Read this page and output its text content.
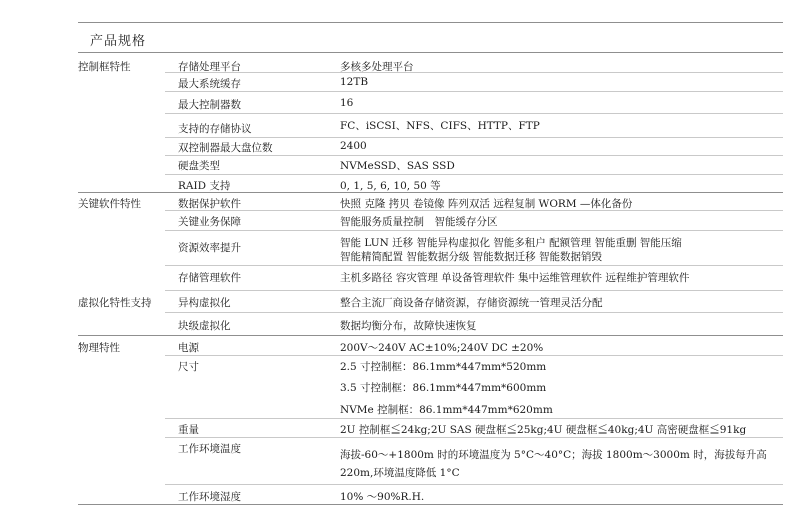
产品规格
控制框特性	存储处理平台	多核多处理平台
最大系统缓存	12TB
最大控制器数	16
支持的存储协议	FC、iSCSI、NFS、CIFS、HTTP、FTP
双控制器最大盘位数	2400
硬盘类型	NVMeSSD、SAS SSD
RAID 支持	0, 1, 5, 6, 10, 50 等
关键软件特性	数据保护软件	快照 克隆 拷贝 卷镜像 阵列双活 远程复制 WORM —体化备份
关键业务保障	智能服务质量控制　智能缓存分区
资源效率提升	智能 LUN 迁移 智能异构虚拟化 智能多租户 配额管理 智能重删 智能压缩
智能精简配置 智能数据分级 智能数据迁移 智能数据销毁
存储管理软件	主机多路径 容灾管理 单设备管理软件 集中运维管理软件 远程维护管理软件
虚拟化特性支持	异构虚拟化	整合主流厂商设备存储资源，存储资源统一管理灵活分配
块级虚拟化	数据均衡分布，故障快速恢复
物理特性	电源	200V～240V AC±10%;240V DC ±20%
尺寸	2.5 寸控制框：86.1mm*447mm*520mm
3.5 寸控制框：86.1mm*447mm*600mm
NVMe 控制框：86.1mm*447mm*620mm
重量	2U 控制框≦24kg;2U SAS 硬盘框≦25kg;4U 硬盘框≦40kg;4U 高密硬盘框≦91kg
工作环境温度	海拔-60～+1800m 时的环境温度为 5°C～40°C；海拔 1800m～3000m 时，海拔每升高
220m,环境温度降低 1°C
工作环境湿度	10% ～90%R.H.
